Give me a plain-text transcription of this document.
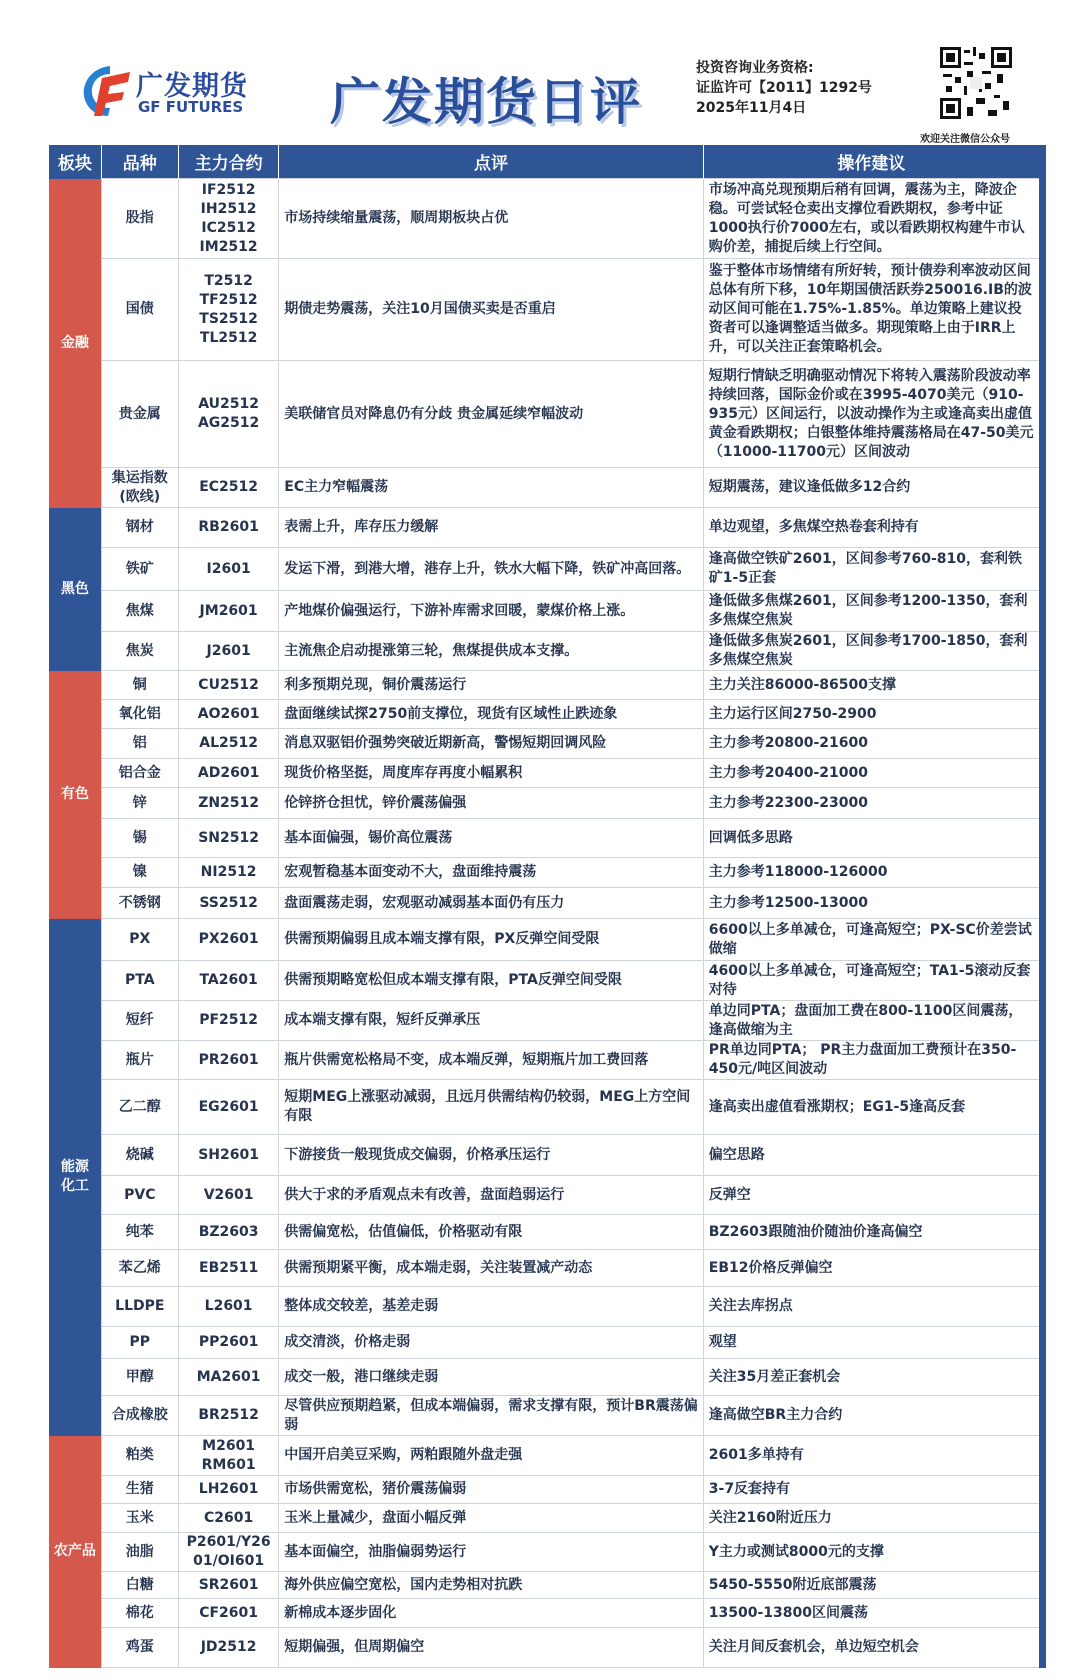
广发期货
GF FUTURES 广发期货日评
投资咨询业务资格:
证监许可【2011】1292号
2025年11月4日
欢迎关注微信公众号
板块	品种	主力合约	点评	操作建议
金融	股指	IF2512
IH2512
IC2512
IM2512	市场持续缩量震荡，顺周期板块占优	市场冲高兑现预期后稍有回调，震荡为主，降波企稳。可尝试轻仓卖出支撑位看跌期权，参考中证1000执行价7000左右，或以看跌期权构建牛市认购价差，捕捉后续上行空间。
	国债	T2512
TF2512
TS2512
TL2512	期债走势震荡，关注10月国债买卖是否重启	鉴于整体市场情绪有所好转，预计债券利率波动区间总体有所下移，10年期国债活跃券250016.IB的波动区间可能在1.75%-1.85%。单边策略上建议投资者可以逢调整适当做多。期现策略上由于IRR上升，可以关注正套策略机会。
	贵金属	AU2512
AG2512	美联储官员对降息仍有分歧 贵金属延续窄幅波动	短期行情缺乏明确驱动情况下将转入震荡阶段波动率持续回落，国际金价或在3995-4070美元（910-935元）区间运行，以波动操作为主或逢高卖出虚值黄金看跌期权；白银整体维持震荡格局在47-50美元（11000-11700元）区间波动
	集运指数
(欧线)	EC2512	EC主力窄幅震荡	短期震荡，建议逢低做多12合约
黑色	钢材	RB2601	表需上升，库存压力缓解	单边观望，多焦煤空热卷套利持有
	铁矿	I2601	发运下滑，到港大增，港存上升，铁水大幅下降，铁矿冲高回落。	逢高做空铁矿2601，区间参考760-810，套利铁矿1-5正套
	焦煤	JM2601	产地煤价偏强运行，下游补库需求回暖，蒙煤价格上涨。	逢低做多焦煤2601，区间参考1200-1350，套利多焦煤空焦炭
	焦炭	J2601	主流焦企启动提涨第三轮，焦煤提供成本支撑。	逢低做多焦炭2601，区间参考1700-1850，套利多焦煤空焦炭
有色	铜	CU2512	利多预期兑现，铜价震荡运行	主力关注86000-86500支撑
	氧化铝	AO2601	盘面继续试探2750前支撑位，现货有区域性止跌迹象	主力运行区间2750-2900
	铝	AL2512	消息双驱铝价强势突破近期新高，警惕短期回调风险	主力参考20800-21600
	铝合金	AD2601	现货价格坚挺，周度库存再度小幅累积	主力参考20400-21000
	锌	ZN2512	伦锌挤仓担忧，锌价震荡偏强	主力参考22300-23000
	锡	SN2512	基本面偏强，锡价高位震荡	回调低多思路
	镍	NI2512	宏观暂稳基本面变动不大，盘面维持震荡	主力参考118000-126000
	不锈钢	SS2512	盘面震荡走弱，宏观驱动减弱基本面仍有压力	主力参考12500-13000
能源
化工	PX	PX2601	供需预期偏弱且成本端支撑有限，PX反弹空间受限	6600以上多单减仓，可逢高短空；PX-SC价差尝试做缩
	PTA	TA2601	供需预期略宽松但成本端支撑有限，PTA反弹空间受限	4600以上多单减仓，可逢高短空；TA1-5滚动反套对待
	短纤	PF2512	成本端支撑有限，短纤反弹承压	单边同PTA；盘面加工费在800-1100区间震荡，逢高做缩为主
	瓶片	PR2601	瓶片供需宽松格局不变，成本端反弹，短期瓶片加工费回落	PR单边同PTA； PR主力盘面加工费预计在350-450元/吨区间波动
	乙二醇	EG2601	短期MEG上涨驱动减弱，且远月供需结构仍较弱，MEG上方空间有限	逢高卖出虚值看涨期权；EG1-5逢高反套
	烧碱	SH2601	下游接货一般现货成交偏弱，价格承压运行	偏空思路
	PVC	V2601	供大于求的矛盾观点未有改善，盘面趋弱运行	反弹空
	纯苯	BZ2603	供需偏宽松，估值偏低，价格驱动有限	BZ2603跟随油价随油价逢高偏空
	苯乙烯	EB2511	供需预期紧平衡，成本端走弱，关注装置减产动态	EB12价格反弹偏空
	LLDPE	L2601	整体成交较差，基差走弱	关注去库拐点
	PP	PP2601	成交清淡，价格走弱	观望
	甲醇	MA2601	成交一般，港口继续走弱	关注35月差正套机会
	合成橡胶	BR2512	尽管供应预期趋紧，但成本端偏弱，需求支撑有限，预计BR震荡偏弱	逢高做空BR主力合约
农产品	粕类	M2601
RM601	中国开启美豆采购，两粕跟随外盘走强	2601多单持有
	生猪	LH2601	市场供需宽松，猪价震荡偏弱	3-7反套持有
	玉米	C2601	玉米上量减少，盘面小幅反弹	关注2160附近压力
	油脂	P2601/Y26
01/OI601	基本面偏空，油脂偏弱势运行	Y主力或测试8000元的支撑
	白糖	SR2601	海外供应偏空宽松，国内走势相对抗跌	5450-5550附近底部震荡
	棉花	CF2601	新棉成本逐步固化	13500-13800区间震荡
	鸡蛋	JD2512	短期偏强，但周期偏空	关注月间反套机会，单边短空机会
